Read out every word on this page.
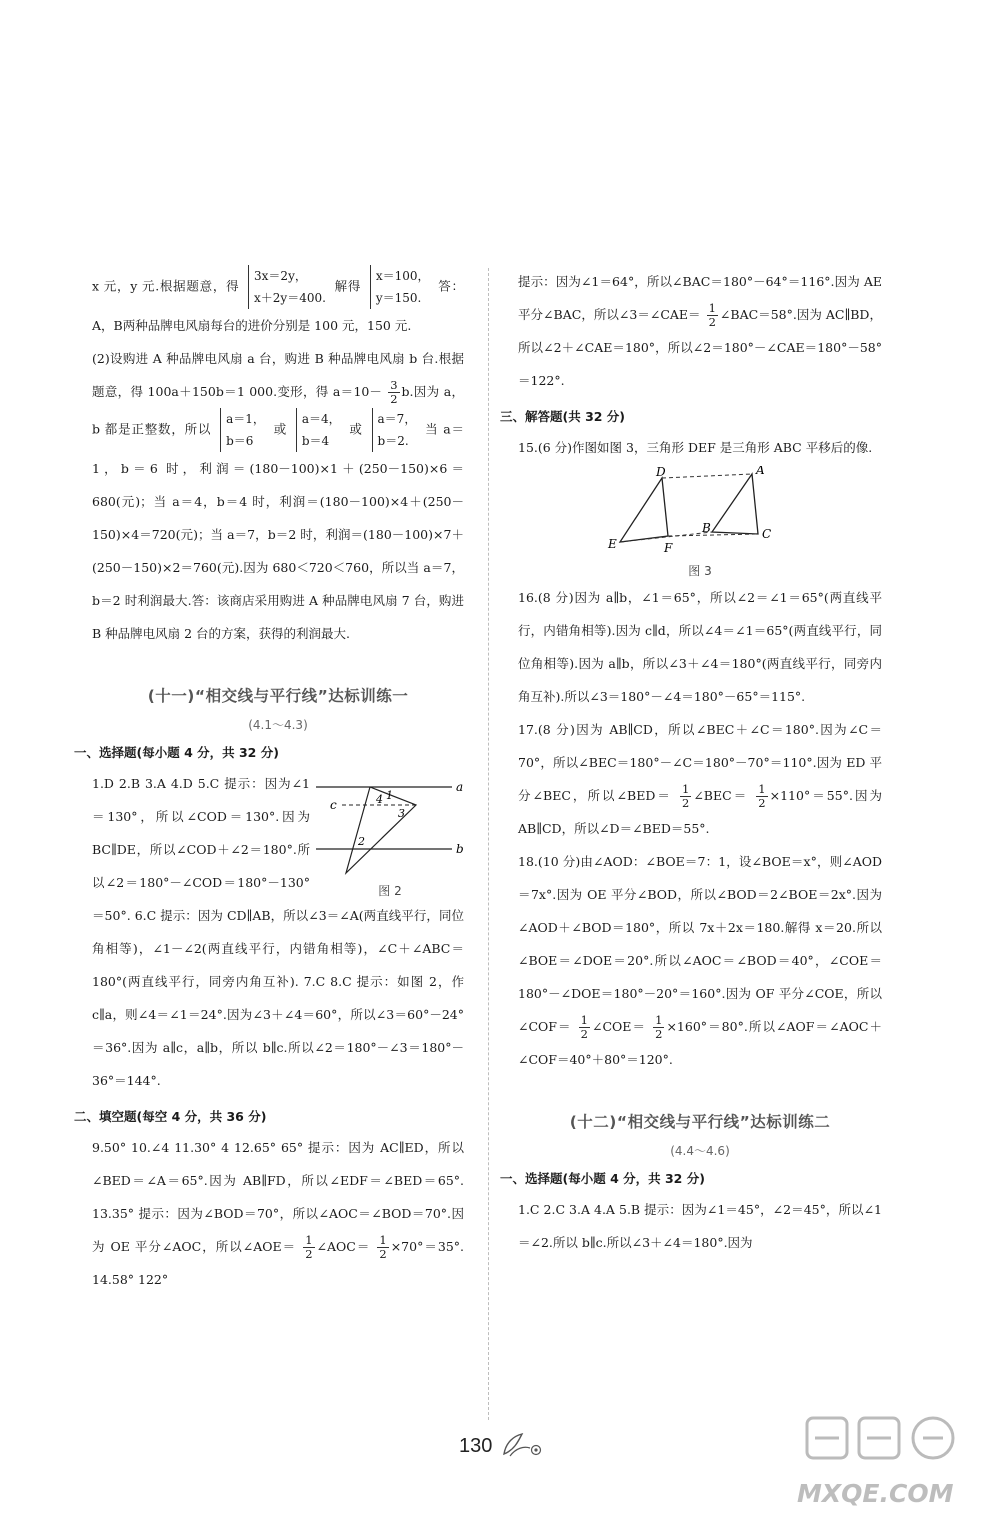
x 元，y 元.根据题意，得 3x＝2y，
x＋2y＝400. 解得 x＝100，
y＝150. 答：A，B两种品牌电风扇每台的进价分别是 100 元，150 元.

(2)设购进 A 种品牌电风扇 a 台，购进 B 种品牌电风扇 b 台.根据题意，得 100a＋150b＝1 000.变形，得 $a=10- \frac{3}{2} b$.因为 a，b 都是正整数，所以 a＝1，
b＝6 或 a＝4，
b＝4 或 a＝7，
b＝2. 当 a＝1，b＝6 时，利润＝(180－100)×1＋(250－150)×6＝680(元)；当 a＝4，b＝4 时，利润＝(180－100)×4＋(250－150)×4＝720(元)；当 a＝7，b＝2 时，利润＝(180－100)×7＋(250－150)×2＝760(元).因为 680＜720＜760，所以当 a＝7，b＝2 时利润最大.答：该商店采用购进 A 种品牌电风扇 7 台，购进 B 种品牌电风扇 2 台的方案，获得的利润最大.

(十一)“相交线与平行线”达标训练一
(4.1～4.3)
一、选择题(每小题 4 分，共 32 分)
a
b
c
1
2
3
4
图 2

1.D 2.B 3.A 4.D 5.C 提示：因为∠1＝130°，所以∠COD＝130°.因为 BC∥DE，所以∠COD＋∠2＝180°.所以∠2＝180°－∠COD＝180°－130°＝50°. 6.C 提示：因为 CD∥AB，所以∠3＝∠A(两直线平行，同位角相等)，∠1－∠2(两直线平行，内错角相等)，∠C＋∠ABC＝180°(两直线平行，同旁内角互补). 7.C 8.C 提示：如图 2，作 c∥a，则∠4＝∠1＝24°.因为∠3＋∠4＝60°，所以∠3＝60°－24°＝36°.因为 a∥c，a∥b，所以 b∥c.所以∠2＝180°－∠3＝180°－36°＝144°.

二、填空题(每空 4 分，共 36 分)

9.50° 10.∠4 11.30° 4 12.65° 65° 提示：因为 AC∥ED，所以∠BED＝∠A＝65°.因为 AB∥FD，所以∠EDF＝∠BED＝65°. 13.35° 提示：因为∠BOD＝70°，所以∠AOC＝∠BOD＝70°.因为 OE 平分∠AOC，所以∠AOE＝ $\frac{1}{2}$ ∠AOC＝ $\frac{1}{2} \times 70^\circ=35^\circ$. 14.58° 122°

提示：因为∠1＝64°，所以∠BAC＝180°－64°＝116°.因为 AE 平分∠BAC，所以∠3＝∠CAE＝ $\frac{1}{2}$ ∠BAC＝58°.因为 AC∥BD，所以∠2＋∠CAE＝180°，所以∠2＝180°－∠CAE＝180°－58°＝122°.

三、解答题(共 32 分)

15.(6 分)作图如图 3，三角形 DEF 是三角形 ABC 平移后的像.

D	A
B	C
E	F
图 3

16.(8 分)因为 a∥b，∠1＝65°，所以∠2＝∠1＝65°(两直线平行，内错角相等).因为 c∥d，所以∠4＝∠1＝65°(两直线平行，同位角相等).因为 a∥b，所以∠3＋∠4＝180°(两直线平行，同旁内角互补).所以∠3＝180°－∠4＝180°－65°＝115°.

17.(8 分)因为 AB∥CD，所以∠BEC＋∠C＝180°.因为∠C＝70°，所以∠BEC＝180°－∠C＝180°－70°＝110°.因为 ED 平分∠BEC，所以∠BED＝ $\frac{1}{2}$ ∠BEC＝ $\frac{1}{2} \times 110^\circ=55^\circ$.因为 AB∥CD，所以∠D＝∠BED＝55°.

18.(10 分)由∠AOD：∠BOE＝7：1，设∠BOE＝x°，则∠AOD＝7x°.因为 OE 平分∠BOD，所以∠BOD＝2∠BOE＝2x°.因为∠AOD＋∠BOD＝180°，所以 7x＋2x＝180.解得 x＝20.所以∠BOE＝∠DOE＝20°.所以∠AOC＝∠BOD＝40°，∠COE＝180°－∠DOE＝180°－20°＝160°.因为 OF 平分∠COE，所以∠COF＝ $\frac{1}{2}$ ∠COE＝ $\frac{1}{2} \times 160^\circ=80^\circ$.所以∠AOF＝∠AOC＋∠COF＝40°＋80°＝120°.

(十二)“相交线与平行线”达标训练二
(4.4～4.6)
一、选择题(每小题 4 分，共 32 分)

1.C 2.C 3.A 4.A 5.B 提示：因为∠1＝45°，∠2＝45°，所以∠1＝∠2.所以 b∥c.所以∠3＋∠4＝180°.因为

130
MXQE.COM
